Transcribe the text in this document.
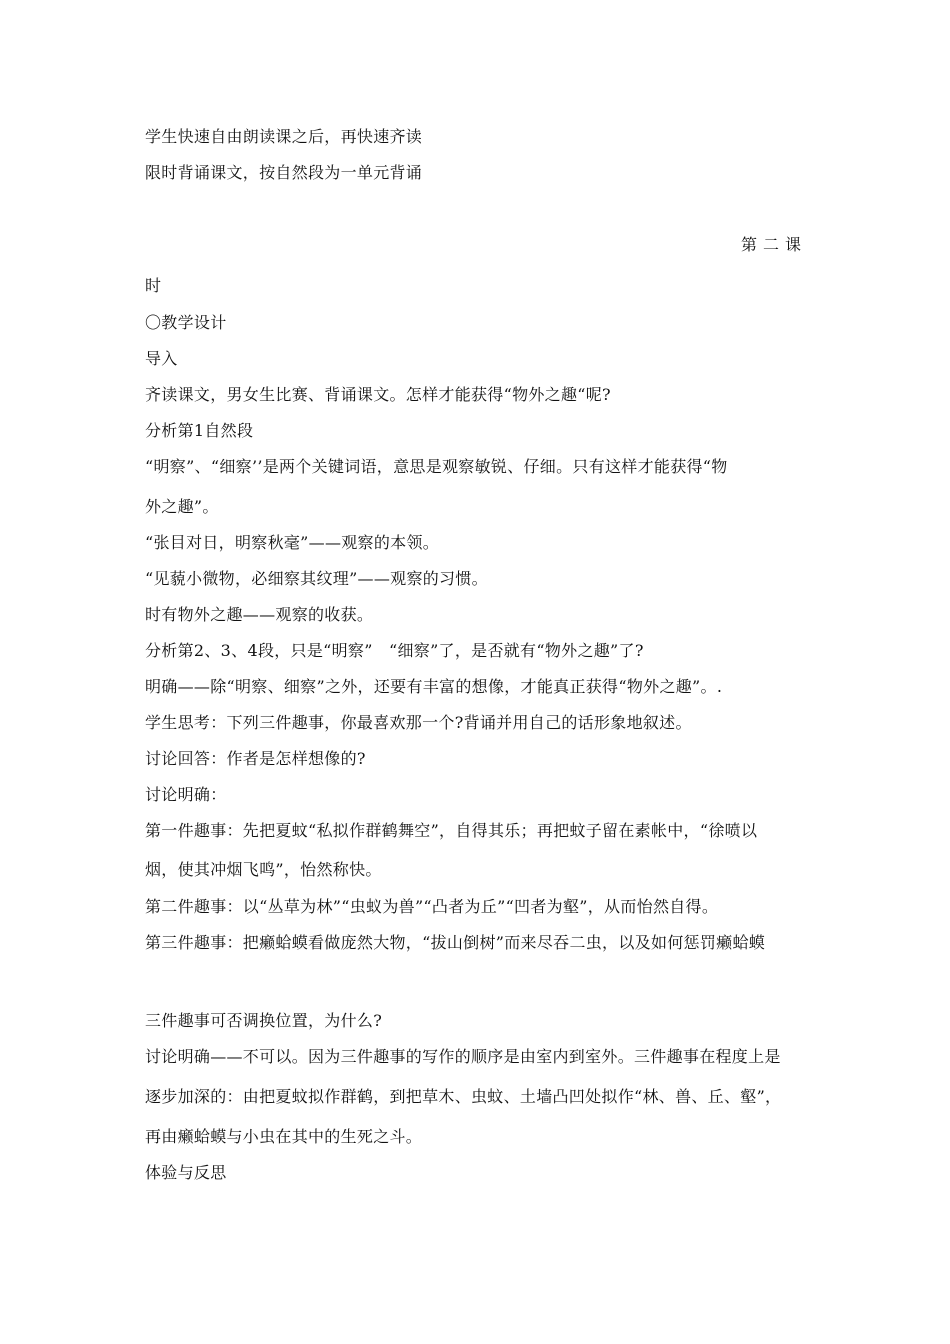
学生快速自由朗读课之后，再快速齐读
限时背诵课文，按自然段为一单元背诵
第二课
时
〇教学设计
导入
齐读课文，男女生比赛、背诵课文。怎样才能获得“物外之趣“呢?
分析第1自然段
“明察”、“细察’’是两个关键词语，意思是观察敏锐、仔细。只有这样才能获得“物
外之趣”。
“张目对日，明察秋毫”——观察的本领。
“见藐小微物，必细察其纹理”——观察的习惯。
时有物外之趣——观察的收获。
分析第2、3、4段，只是“明察”　“细察”了，是否就有“物外之趣”了?
明确——除“明察、细察”之外，还要有丰富的想像，才能真正获得“物外之趣”。.
学生思考：下列三件趣事，你最喜欢那一个?背诵并用自己的话形象地叙述。
讨论回答：作者是怎样想像的?
讨论明确：
第一件趣事：先把夏蚊“私拟作群鹤舞空”，自得其乐；再把蚊子留在素帐中，“徐喷以
烟，使其冲烟飞鸣”，怡然称快。
第二件趣事：以“丛草为林”“虫蚁为兽”“凸者为丘”“凹者为壑”，从而怡然自得。
第三件趣事：把癞蛤蟆看做庞然大物，“拔山倒树”而来尽吞二虫，以及如何惩罚癞蛤蟆
三件趣事可否调换位置，为什么?
讨论明确——不可以。因为三件趣事的写作的顺序是由室内到室外。三件趣事在程度上是
逐步加深的：由把夏蚊拟作群鹤，到把草木、虫蚊、土墙凸凹处拟作“林、兽、丘、壑”，
再由癞蛤蟆与小虫在其中的生死之斗。
体验与反思
